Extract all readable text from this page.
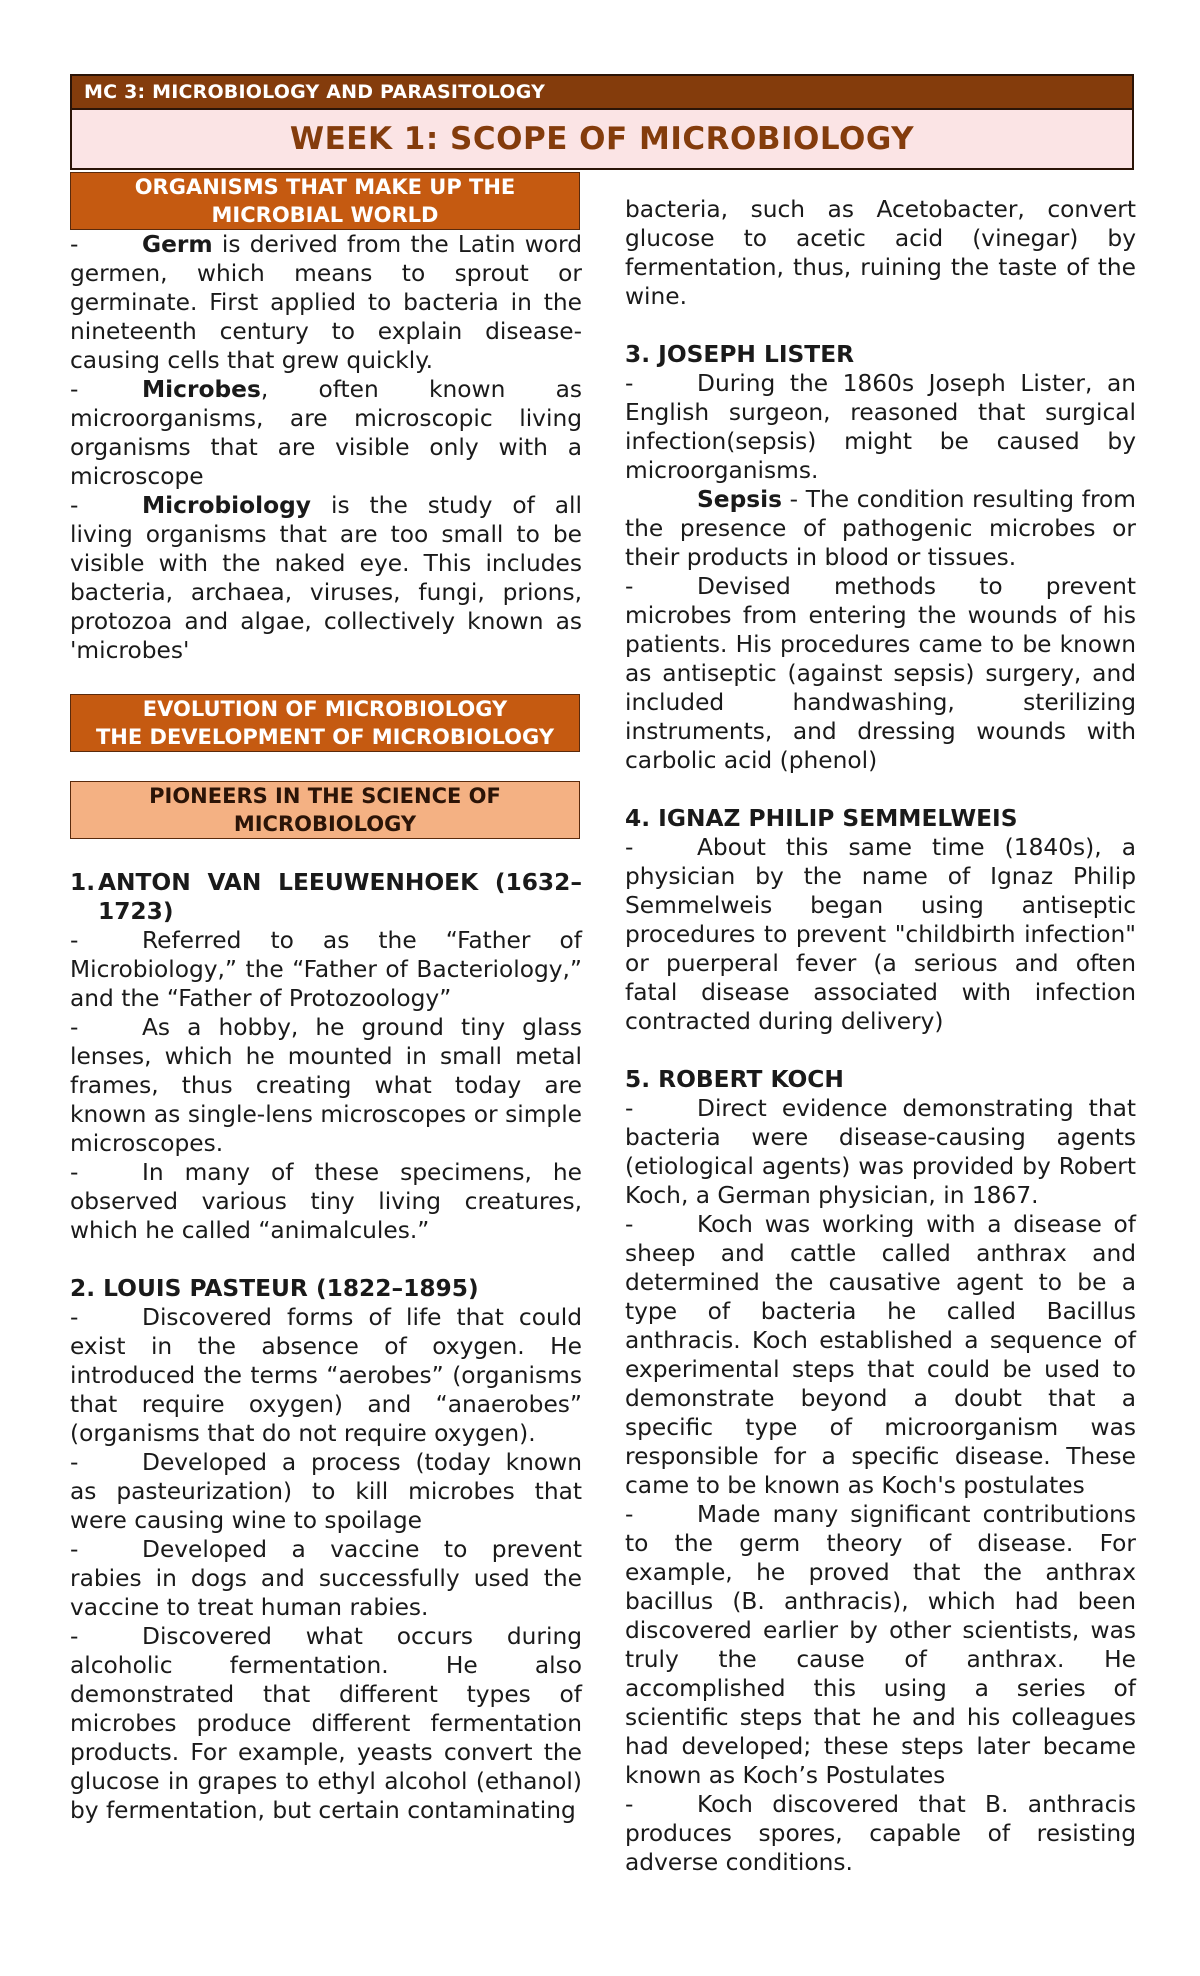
MC 3: MICROBIOLOGY AND PARASITOLOGY
WEEK 1: SCOPE OF MICROBIOLOGY
ORGANISMS THAT MAKE UP THE
MICROBIAL WORLD

-	Germ is derived from the Latin word germen, which means to sprout or germinate. First applied to bacteria in the nineteenth century to explain disease-causing cells that grew quickly.

-	Microbes, often known as microorganisms, are microscopic living organisms that are visible only with a microscope

-	Microbiology is the study of all living organisms that are too small to be visible with the naked eye. This includes bacteria, archaea, viruses, fungi, prions, protozoa and algae, collectively known as 'microbes'

EVOLUTION OF MICROBIOLOGY
THE DEVELOPMENT OF MICROBIOLOGY
PIONEERS IN THE SCIENCE OF
MICROBIOLOGY
1. ANTON VAN LEEUWENHOEK (1632–1723)

-	Referred to as the “Father of Microbiology,” the “Father of Bacteriology,” and the “Father of Protozoology”

-	As a hobby, he ground tiny glass lenses, which he mounted in small metal frames, thus creating what today are known as single-lens microscopes or simple microscopes.

-	In many of these specimens, he observed various tiny living creatures, which he called “animalcules.”

2. LOUIS PASTEUR (1822–1895)

-	Discovered forms of life that could exist in the absence of oxygen. He introduced the terms “aerobes” (organisms that require oxygen) and “anaerobes” (organisms that do not require oxygen).

-	Developed a process (today known as pasteurization) to kill microbes that were causing wine to spoilage

-	Developed a vaccine to prevent rabies in dogs and successfully used the vaccine to treat human rabies.

-	Discovered what occurs during alcoholic fermentation. He also demonstrated that different types of microbes produce different fermentation products. For example, yeasts convert the glucose in grapes to ethyl alcohol (ethanol) by fermentation, but certain contaminating

bacteria, such as Acetobacter, convert glucose to acetic acid (vinegar) by fermentation, thus, ruining the taste of the wine.

3. JOSEPH LISTER

-	During the 1860s Joseph Lister, an English surgeon, reasoned that surgical infection(sepsis) might be caused by microorganisms.

Sepsis - The condition resulting from the presence of pathogenic microbes or their products in blood or tissues.

-	Devised methods to prevent microbes from entering the wounds of his patients. His procedures came to be known as antiseptic (against sepsis) surgery, and included handwashing, sterilizing instruments, and dressing wounds with carbolic acid (phenol)

4. IGNAZ PHILIP SEMMELWEIS

-	About this same time (1840s), a physician by the name of Ignaz Philip Semmelweis began using antiseptic procedures to prevent "childbirth infection" or puerperal fever (a serious and often fatal disease associated with infection contracted during delivery)

5. ROBERT KOCH

-	Direct evidence demonstrating that bacteria were disease-causing agents (etiological agents) was provided by Robert Koch, a German physician, in 1867.

-	Koch was working with a disease of sheep and cattle called anthrax and determined the causative agent to be a type of bacteria he called Bacillus anthracis. Koch established a sequence of experimental steps that could be used to demonstrate beyond a doubt that a specific type of microorganism was responsible for a specific disease. These came to be known as Koch's postulates

-	Made many significant contributions to the germ theory of disease. For example, he proved that the anthrax bacillus (B. anthracis), which had been discovered earlier by other scientists, was truly the cause of anthrax. He accomplished this using a series of scientific steps that he and his colleagues had developed; these steps later became known as Koch’s Postulates

-	Koch discovered that B. anthracis produces spores, capable of resisting adverse conditions.
